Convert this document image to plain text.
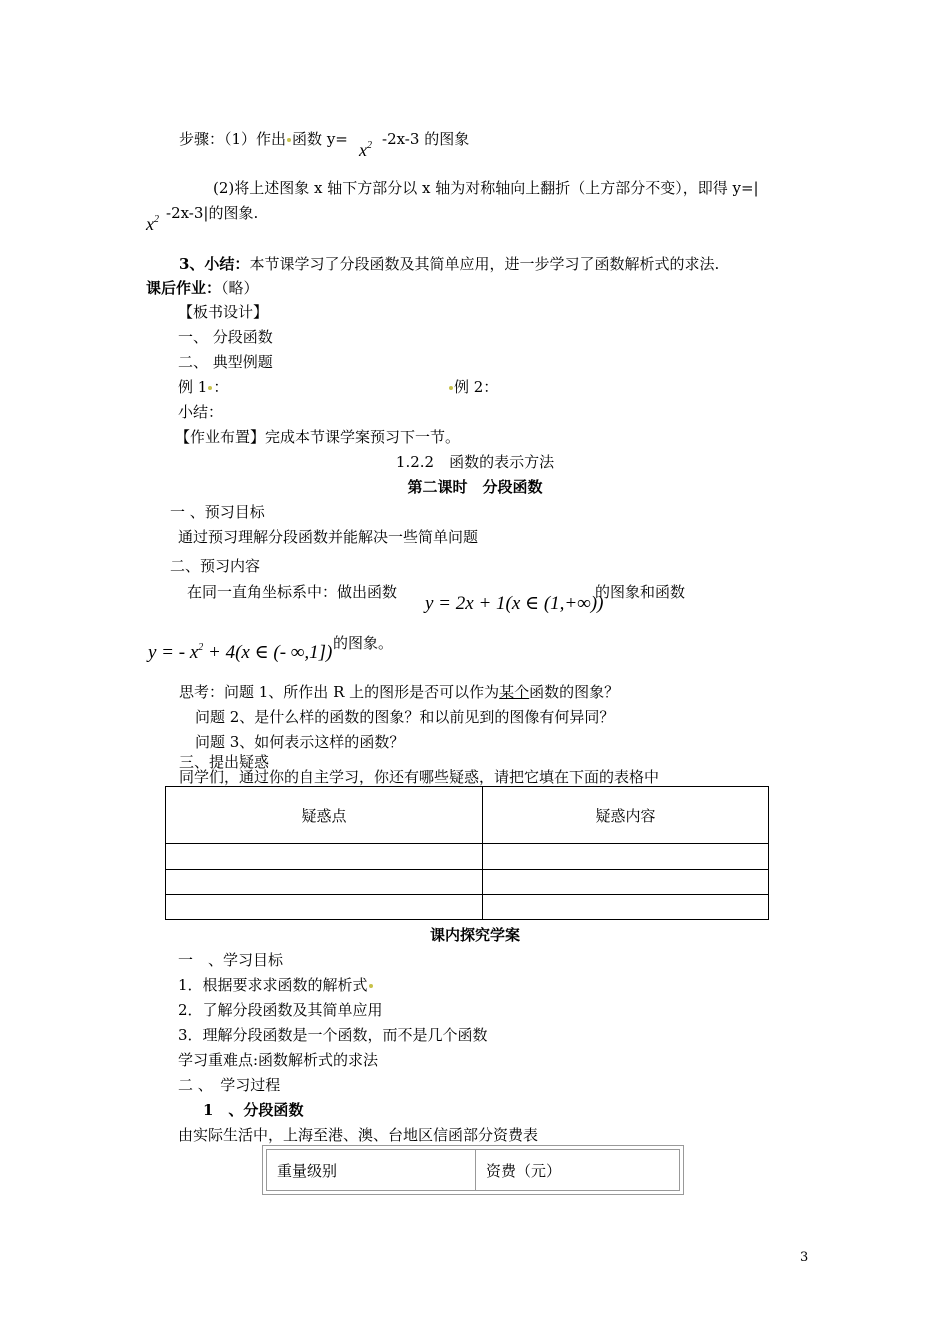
步骤：（1）作出 函数 y=
$x^2$ -2x-3 的图象
(2)将上述图象 x 轴下方部分以 x 轴为对称轴向上翻折（上方部分不变），即得 y=|
$x^2$ -2x-3|的图象.
3、小结：本节课学习了分段函数及其简单应用，进一步学习了函数解析式的求法.
课后作业：（略）
【板书设计】
一、 分段函数
二、 典型例题
例 1 ：	例 2：
小结：
【作业布置】完成本节课学案预习下一节。
1.2.2　函数的表示方法
第二课时　分段函数
一 、预习目标
通过预习理解分段函数并能解决一些简单问题
二、预习内容
在同一直角坐标系中：做出函数
y = 2x + 1(x ∈ (1,+∞))
的图象和函数
y = - $x^2 + 4(x$ ∈ (- ∞,1]) 的图象。
思考：问题 1、所作出 R 上的图形是否可以作为某个函数的图象？
问题 2、是什么样的函数的图象？和以前见到的图像有何异同？
问题 3、如何表示这样的函数？
三、提出疑惑
同学们，通过你的自主学习，你还有哪些疑惑，请把它填在下面的表格中
疑惑点	疑惑内容

课内探究学案
一　、学习目标
1．根据要求求函数的解析式
2．了解分段函数及其简单应用
3．理解分段函数是一个函数，而不是几个函数
学习重难点:函数解析式的求法
二 、　学习过程
1　、分段函数
由实际生活中，上海至港、澳、台地区信函部分资费表
重量级别	资费（元）
3
